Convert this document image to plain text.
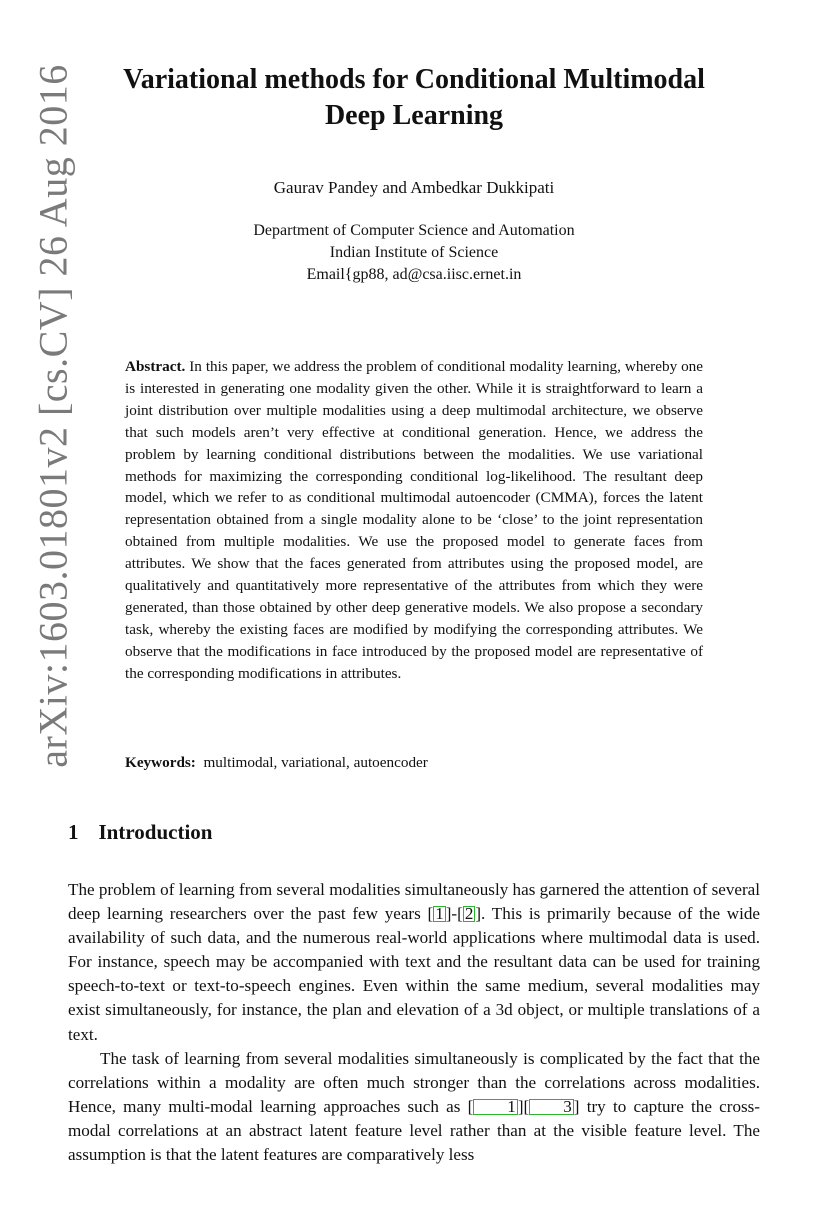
arXiv:1603.01801v2 [cs.CV] 26 Aug 2016	Variational methods for Conditional Multimodal
Deep Learning

Gaurav Pandey and Ambedkar Dukkipati

Department of Computer Science and Automation
Indian Institute of Science
Email{gp88, ad@csa.iisc.ernet.in

Abstract. In this paper, we address the problem of conditional modality learning, whereby one is interested in generating one modality given the other. While it is straightforward to learn a joint distribution over multiple modalities using a deep multimodal architecture, we observe that such models aren’t very effective at conditional generation. Hence, we address the problem by learning conditional distributions between the modalities. We use variational methods for maximizing the corresponding conditional log-likelihood. The resultant deep model, which we refer to as conditional multimodal autoencoder (CMMA), forces the latent representation obtained from a single modality alone to be ‘close’ to the joint representation obtained from multiple modalities. We use the proposed model to generate faces from attributes. We show that the faces generated from attributes using the proposed model, are qualitatively and quantitatively more representative of the attributes from which they were generated, than those obtained by other deep generative models. We also propose a secondary task, whereby the existing faces are modified by modifying the corresponding attributes. We observe that the modifications in face introduced by the proposed model are representative of the corresponding modifications in attributes.

Keywords: multimodal, variational, autoencoder

1 Introduction

The problem of learning from several modalities simultaneously has garnered the attention of several deep learning researchers over the past few years [ 1 ]-[ 2 ]. This is primarily because of the wide availability of such data, and the numerous real-world applications where multimodal data is used. For instance, speech may be accompanied with text and the resultant data can be used for training speech-to-text or text-to-speech engines. Even within the same medium, several modalities may exist simultaneously, for instance, the plan and elevation of a 3d object, or multiple translations of a text.

The task of learning from several modalities simultaneously is complicated by the fact that the correlations within a modality are often much stronger than the correlations across modalities. Hence, many multi-modal learning approaches such as [ 1 ][ 3 ] try to capture the cross-modal correlations at an abstract latent feature level rather than at the visible feature level. The assumption is that the latent features are comparatively less
